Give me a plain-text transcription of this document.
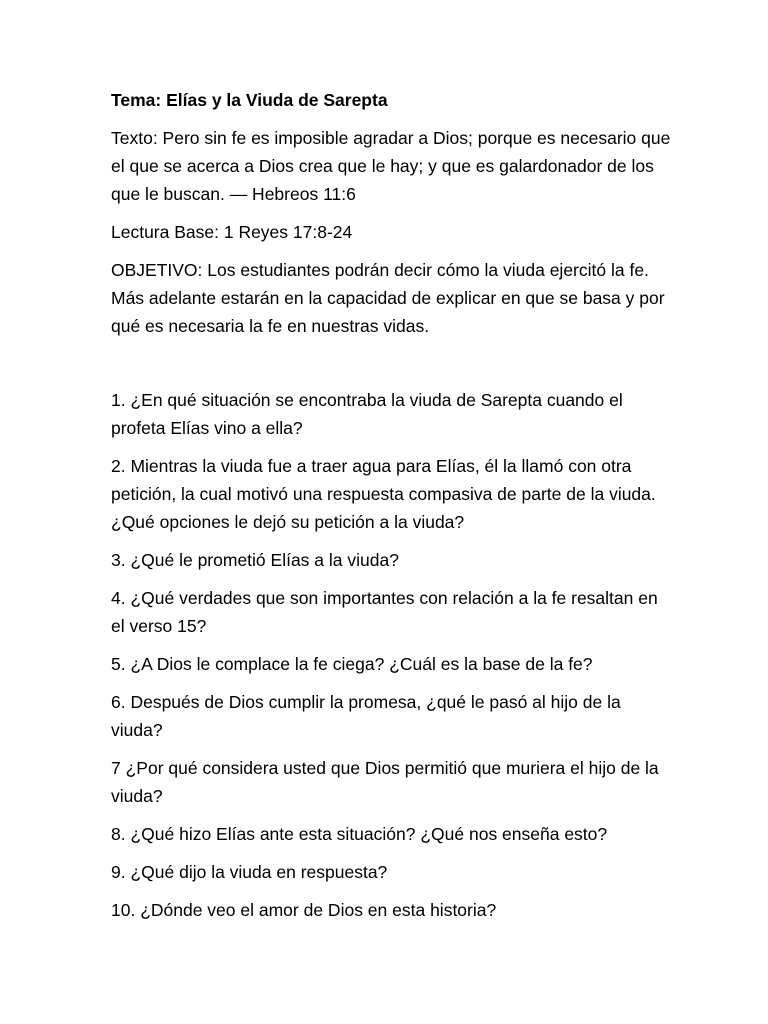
Tema: Elías y la Viuda de Sarepta

Texto: Pero sin fe es imposible agradar a Dios; porque es necesario que el que se acerca a Dios crea que le hay; y que es galardonador de los que le buscan. — Hebreos 11:6

Lectura Base: 1 Reyes 17:8-24

OBJETIVO: Los estudiantes podrán decir cómo la viuda ejercitó la fe. Más adelante estarán en la capacidad de explicar en que se basa y por qué es necesaria la fe en nuestras vidas.

1. ¿En qué situación se encontraba la viuda de Sarepta cuando el profeta Elías vino a ella?

2. Mientras la viuda fue a traer agua para Elías, él la llamó con otra petición, la cual motivó una respuesta compasiva de parte de la viuda. ¿Qué opciones le dejó su petición a la viuda?

3. ¿Qué le prometió Elías a la viuda?

4. ¿Qué verdades que son importantes con relación a la fe resaltan en el verso 15?

5. ¿A Dios le complace la fe ciega? ¿Cuál es la base de la fe?

6. Después de Dios cumplir la promesa, ¿qué le pasó al hijo de la viuda?

7 ¿Por qué considera usted que Dios permitió que muriera el hijo de la viuda?

8. ¿Qué hizo Elías ante esta situación? ¿Qué nos enseña esto?

9. ¿Qué dijo la viuda en respuesta?

10. ¿Dónde veo el amor de Dios en esta historia?
